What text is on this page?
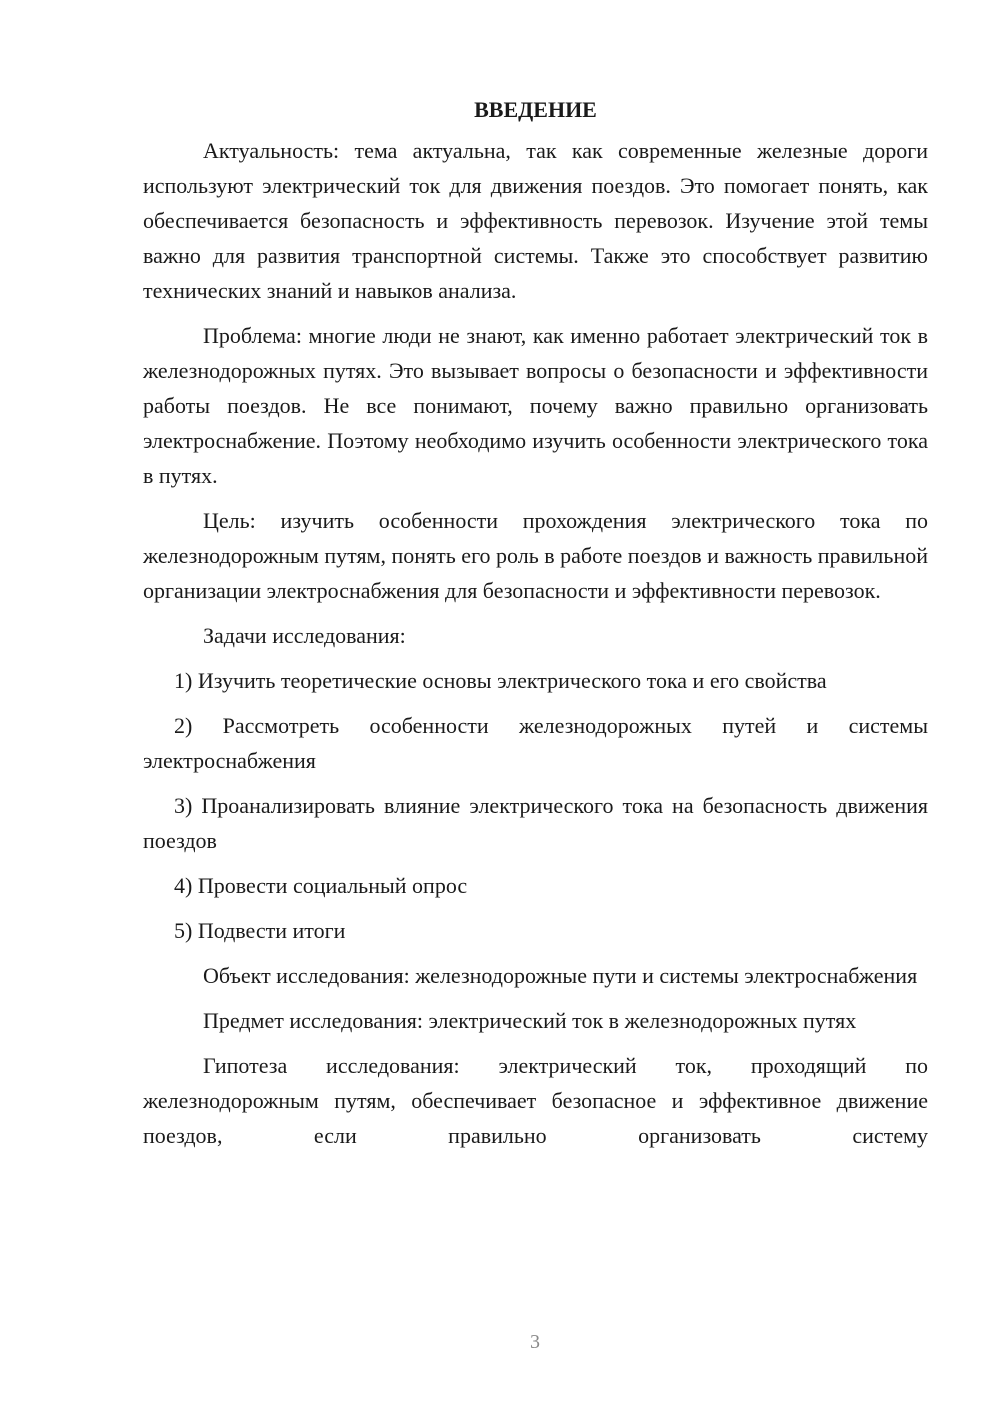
ВВЕДЕНИЕ

Актуальность: тема актуальна, так как современные железные дороги используют электрический ток для движения поездов. Это помогает понять, как обеспечивается безопасность и эффективность перевозок. Изучение этой темы важно для развития транспортной системы. Также это способствует развитию технических знаний и навыков анализа.

Проблема: многие люди не знают, как именно работает электрический ток в железнодорожных путях. Это вызывает вопросы о безопасности и эффективности работы поездов. Не все понимают, почему важно правильно организовать электроснабжение. Поэтому необходимо изучить особенности электрического тока в путях.

Цель: изучить особенности прохождения электрического тока по железнодорожным путям, понять его роль в работе поездов и важность правильной организации электроснабжения для безопасности и эффективности перевозок.

Задачи исследования:

1) Изучить теоретические основы электрического тока и его свойства

2) Рассмотреть особенности железнодорожных путей и системы электроснабжения

3) Проанализировать влияние электрического тока на безопасность движения поездов

4) Провести социальный опрос

5) Подвести итоги

Объект исследования: железнодорожные пути и системы электроснабжения

Предмет исследования: электрический ток в железнодорожных путях

Гипотеза исследования: электрический ток, проходящий по железнодорожным путям, обеспечивает безопасное и эффективное движение поездов, если правильно организовать систему

3
